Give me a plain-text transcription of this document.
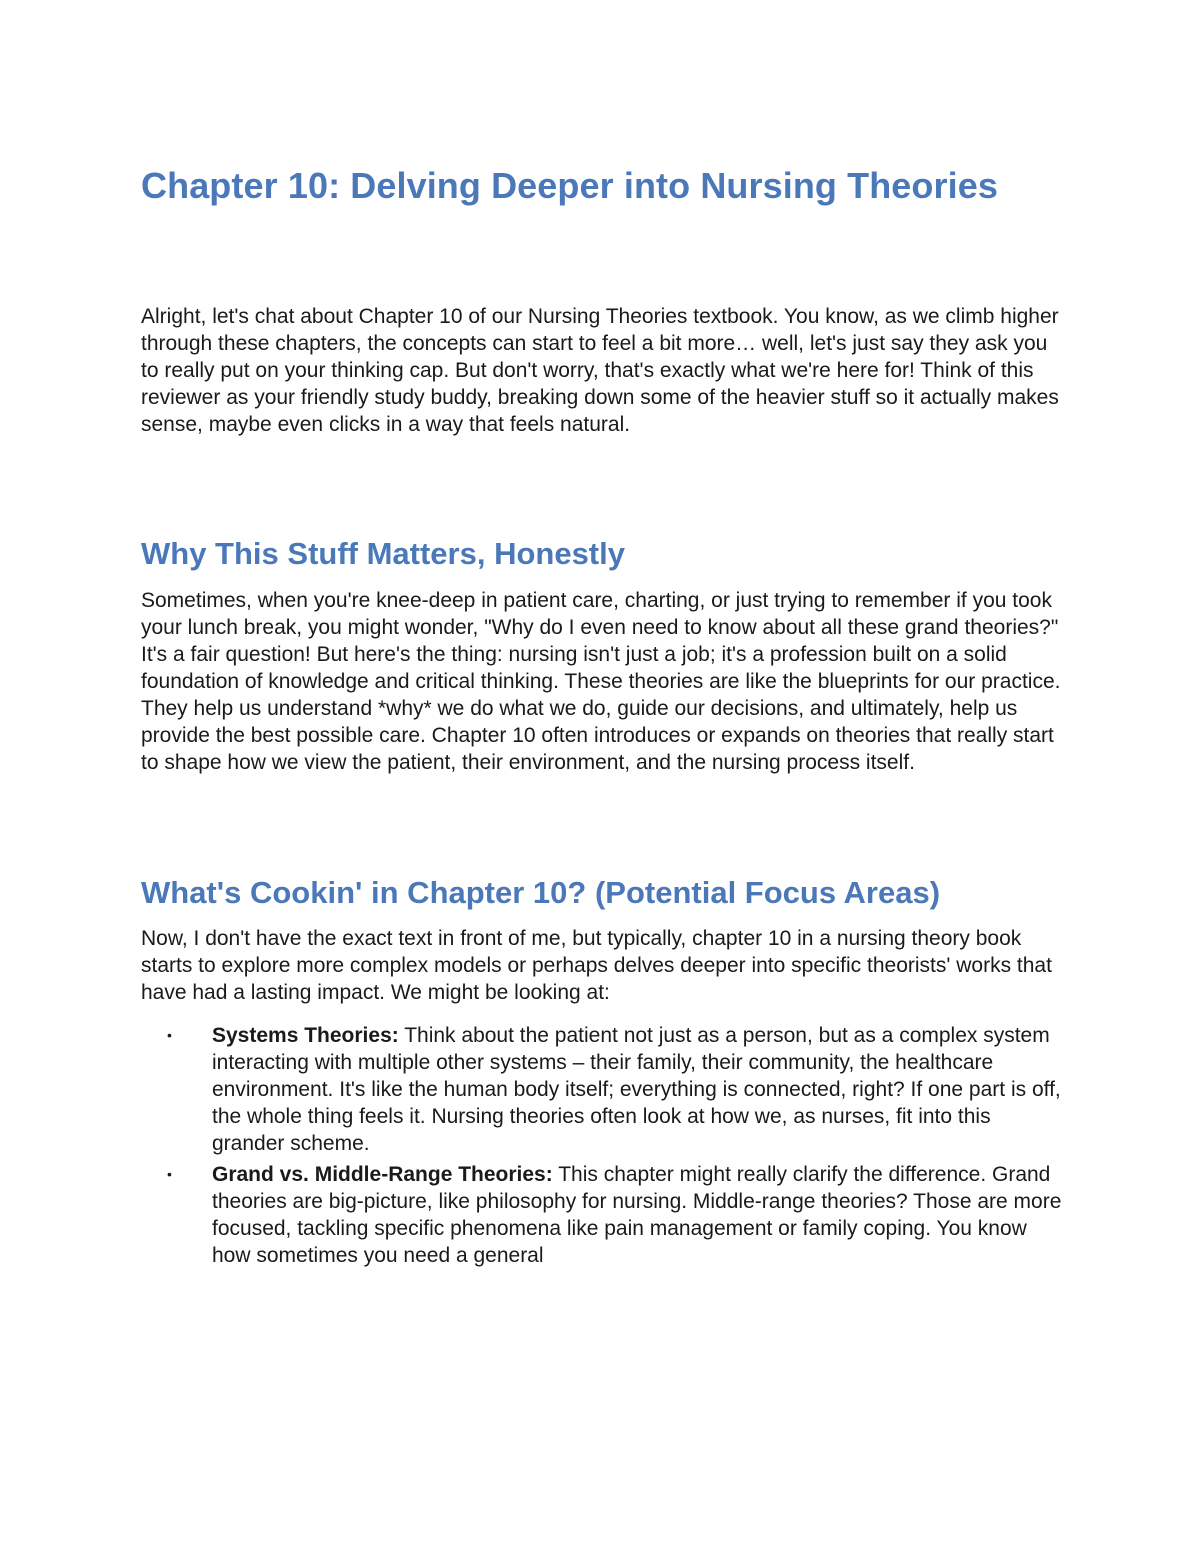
Chapter 10: Delving Deeper into Nursing Theories

Alright, let's chat about Chapter 10 of our Nursing Theories textbook. You know, as we climb higher through these chapters, the concepts can start to feel a bit more… well, let's just say they ask you to really put on your thinking cap. But don't worry, that's exactly what we're here for! Think of this reviewer as your friendly study buddy, breaking down some of the heavier stuff so it actually makes sense, maybe even clicks in a way that feels natural.

Why This Stuff Matters, Honestly

Sometimes, when you're knee-deep in patient care, charting, or just trying to remember if you took your lunch break, you might wonder, "Why do I even need to know about all these grand theories?" It's a fair question! But here's the thing: nursing isn't just a job; it's a profession built on a solid foundation of knowledge and critical thinking. These theories are like the blueprints for our practice. They help us understand *why* we do what we do, guide our decisions, and ultimately, help us provide the best possible care. Chapter 10 often introduces or expands on theories that really start to shape how we view the patient, their environment, and the nursing process itself.

What's Cookin' in Chapter 10? (Potential Focus Areas)

Now, I don't have the exact text in front of me, but typically, chapter 10 in a nursing theory book starts to explore more complex models or perhaps delves deeper into specific theorists' works that have had a lasting impact. We might be looking at:

• Systems Theories: Think about the patient not just as a person, but as a complex system interacting with multiple other systems – their family, their community, the healthcare environment. It's like the human body itself; everything is connected, right? If one part is off, the whole thing feels it. Nursing theories often look at how we, as nurses, fit into this grander scheme.
• Grand vs. Middle-Range Theories: This chapter might really clarify the difference. Grand theories are big-picture, like philosophy for nursing. Middle-range theories? Those are more focused, tackling specific phenomena like pain management or family coping. You know how sometimes you need a general
